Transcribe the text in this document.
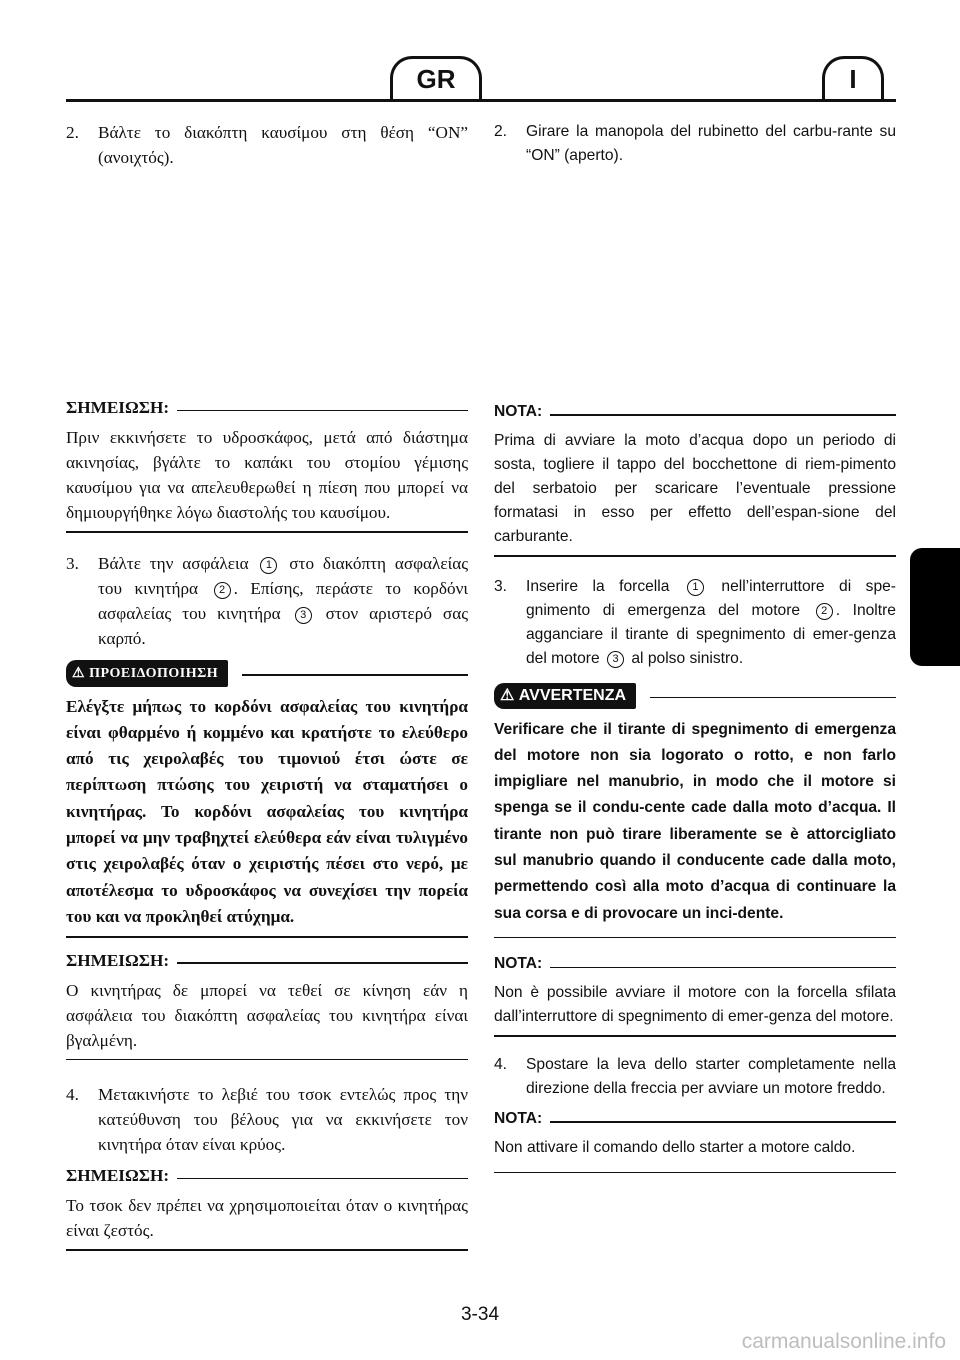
GR	I
2.	Βάλτε το διακόπτη καυσίμου στη θέση “ON” (ανοιχτός).
ΣΗΜΕΙΩΣΗ:

Πριν εκκινήσετε το υδροσκάφος, μετά από διάστημα ακινησίας, βγάλτε το καπάκι του στομίου γέμισης καυσίμου για να απελευθερωθεί η πίεση που μπορεί να δημιουργήθηκε λόγω διαστολής του καυσίμου.

3.	Βάλτε την ασφάλεια 1 στο διακόπτη ασφαλείας του κινητήρα 2 . Επίσης, περάστε το κορδόνι ασφαλείας του κινητήρα 3 στον αριστερό σας καρπό.
⚠
ΠΡΟΕΙΔΟΠΟΙΗΣΗ

Ελέγξτε μήπως το κορδόνι ασφαλείας του κινητήρα είναι φθαρμένο ή κομμένο και κρατήστε το ελεύθερο από τις χειρολαβές του τιμονιού έτσι ώστε σε περίπτωση πτώσης του χειριστή να σταματήσει ο κινητήρας. Το κορδόνι ασφαλείας του κινητήρα μπορεί να μην τραβηχτεί ελεύθερα εάν είναι τυλιγμένο στις χειρολαβές όταν ο χειριστής πέσει στο νερό, με αποτέλεσμα το υδροσκάφος να συνεχίσει την πορεία του και να προκληθεί ατύχημα.

ΣΗΜΕΙΩΣΗ:

Ο κινητήρας δε μπορεί να τεθεί σε κίνηση εάν η ασφάλεια του διακόπτη ασφαλείας του κινητήρα είναι βγαλμένη.

4.	Μετακινήστε το λεβιέ του τσοκ εντελώς προς την κατεύθυνση του βέλους για να εκκινήσετε τον κινητήρα όταν είναι κρύος.
ΣΗΜΕΙΩΣΗ:

Το τσοκ δεν πρέπει να χρησιμοποιείται όταν ο κινητήρας είναι ζεστός.

2.	Girare la manopola del rubinetto del carbu-rante su “ON” (aperto).
NOTA:

Prima di avviare la moto d’acqua dopo un periodo di sosta, togliere il tappo del bocchettone di riem-pimento del serbatoio per scaricare l’eventuale pressione formatasi in esso per effetto dell’espan-sione del carburante.

3.	Inserire la forcella 1 nell’interruttore di spe-gnimento di emergenza del motore 2 . Inoltre agganciare il tirante di spegnimento di emer-genza del motore 3 al polso sinistro.
⚠
AVVERTENZA

Verificare che il tirante di spegnimento di emergenza del motore non sia logorato o rotto, e non farlo impigliare nel manubrio, in modo che il motore si spenga se il condu-cente cade dalla moto d’acqua. Il tirante non può tirare liberamente se è attorcigliato sul manubrio quando il conducente cade dalla moto, permettendo così alla moto d’acqua di continuare la sua corsa e di provocare un inci-dente.

NOTA:

Non è possibile avviare il motore con la forcella sfilata dall’interruttore di spegnimento di emer-genza del motore.

4.	Spostare la leva dello starter completamente nella direzione della freccia per avviare un motore freddo.
NOTA:

Non attivare il comando dello starter a motore caldo.

3-34
carmanualsonline.info
